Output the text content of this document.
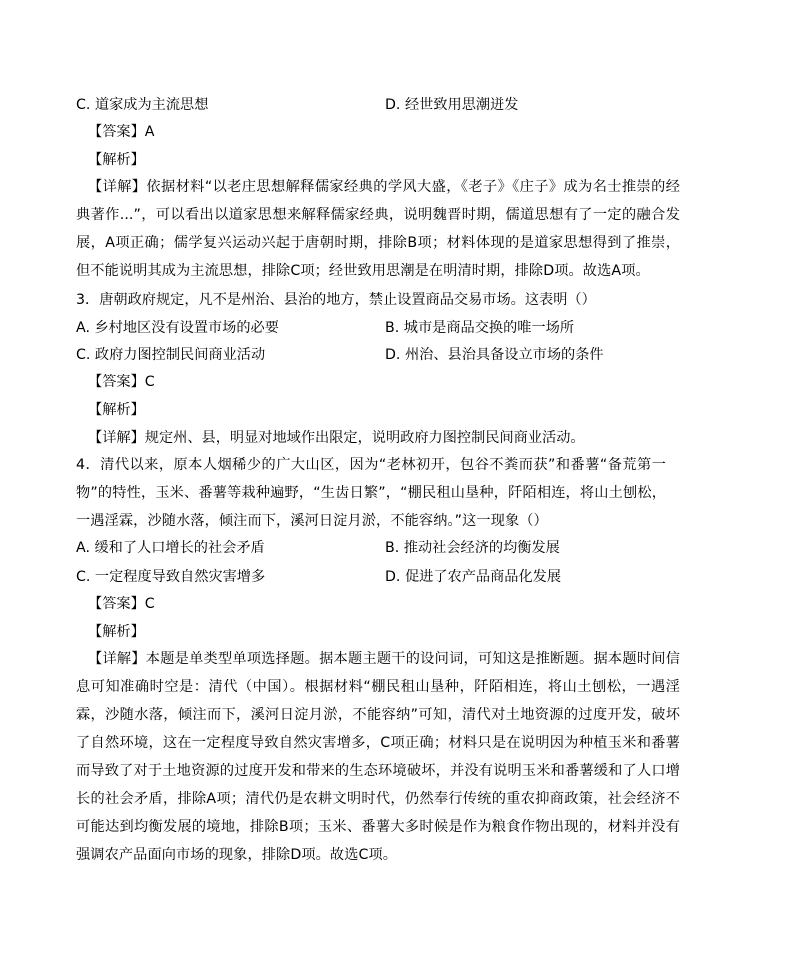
C. 道家成为主流思想	D. 经世致用思潮迸发
【答案】A
【解析】
【详解】依据材料“以老庄思想解释儒家经典的学风大盛，《老子》《庄子》成为名士推崇的经典著作...”，可以看出以道家思想来解释儒家经典，说明魏晋时期，儒道思想有了一定的融合发展，A项正确；儒学复兴运动兴起于唐朝时期，排除B项；材料体现的是道家思想得到了推崇，但不能说明其成为主流思想，排除C项；经世致用思潮是在明清时期，排除D项。故选A项。
3．唐朝政府规定，凡不是州治、县治的地方，禁止设置商品交易市场。这表明（）
A. 乡村地区没有设置市场的必要	B. 城市是商品交换的唯一场所
C. 政府力图控制民间商业活动	D. 州治、县治具备设立市场的条件
【答案】C
【解析】
【详解】规定州、县，明显对地域作出限定，说明政府力图控制民间商业活动。
4．清代以来，原本人烟稀少的广大山区，因为“老林初开，包谷不粪而获”和番薯“备荒第一物”的特性，玉米、番薯等栽种遍野，“生齿日繁”，“棚民租山垦种，阡陌相连，将山土刨松，一遇淫霖，沙随水落，倾注而下，溪河日淀月淤，不能容纳。”这一现象（）
A. 缓和了人口增长的社会矛盾	B. 推动社会经济的均衡发展
C. 一定程度导致自然灾害增多	D. 促进了农产品商品化发展
【答案】C
【解析】
【详解】本题是单类型单项选择题。据本题主题干的设问词，可知这是推断题。据本题时间信息可知准确时空是：清代（中国）。根据材料“棚民租山垦种，阡陌相连，将山土刨松，一遇淫霖，沙随水落，倾注而下，溪河日淀月淤，不能容纳”可知，清代对土地资源的过度开发，破坏了自然环境，这在一定程度导致自然灾害增多，C项正确；材料只是在说明因为种植玉米和番薯而导致了对于土地资源的过度开发和带来的生态环境破坏，并没有说明玉米和番薯缓和了人口增长的社会矛盾，排除A项；清代仍是农耕文明时代，仍然奉行传统的重农抑商政策，社会经济不可能达到均衡发展的境地，排除B项；玉米、番薯大多时候是作为粮食作物出现的，材料并没有强调农产品面向市场的现象，排除D项。故选C项。
